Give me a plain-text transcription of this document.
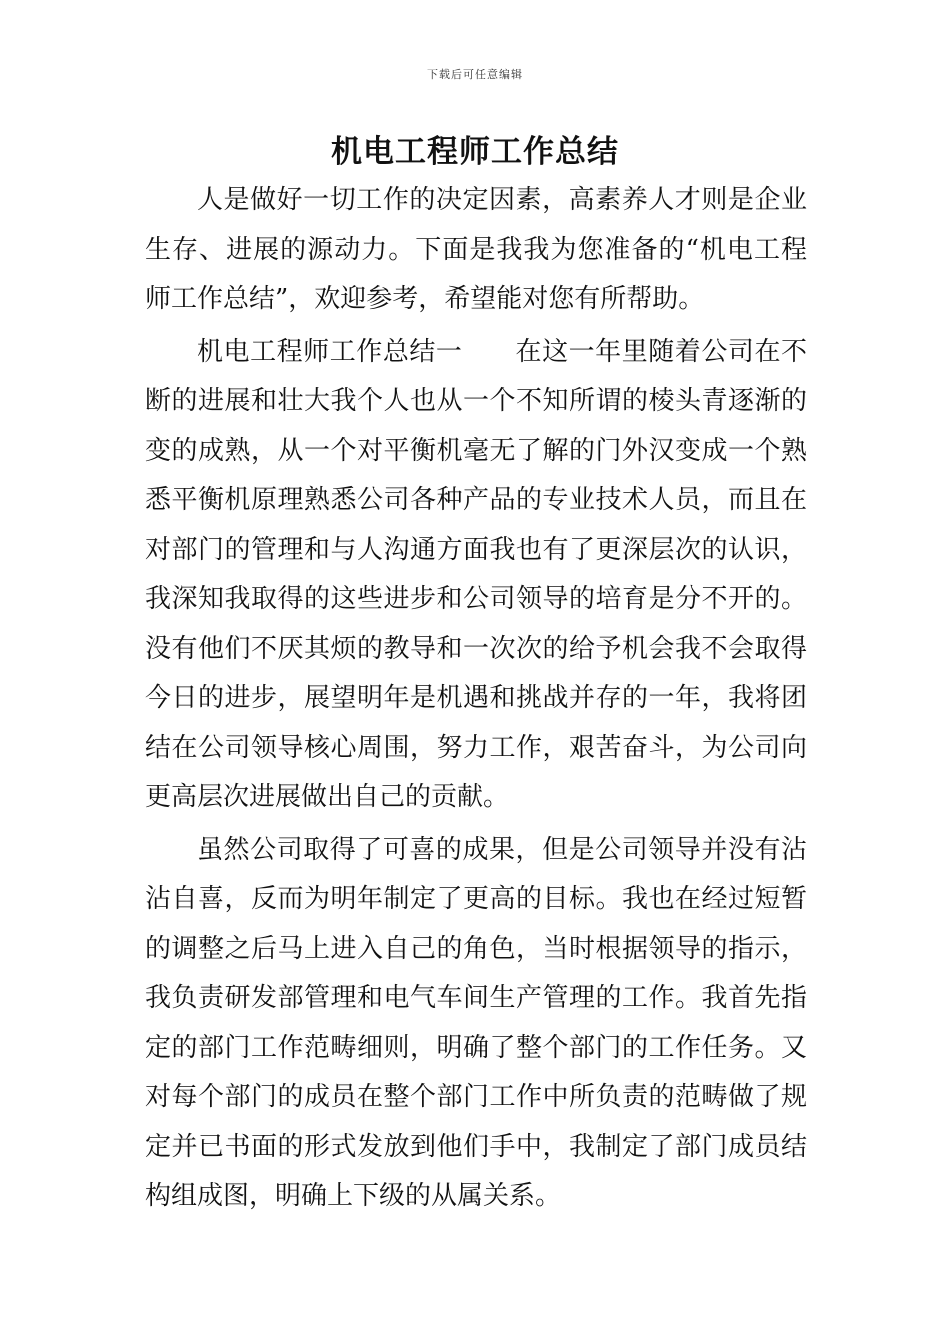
下载后可任意编辑
机电工程师工作总结

人是做好一切工作的决定因素，高素养人才则是企业生存、进展的源动力。下面是我我为您准备的“机电工程师工作总结”，欢迎参考，希望能对您有所帮助。

机电工程师工作总结一　　在这一年里随着公司在不断的进展和壮大我个人也从一个不知所谓的棱头青逐渐的变的成熟，从一个对平衡机毫无了解的门外汉变成一个熟悉平衡机原理熟悉公司各种产品的专业技术人员，而且在对部门的管理和与人沟通方面我也有了更深层次的认识，我深知我取得的这些进步和公司领导的培育是分不开的。没有他们不厌其烦的教导和一次次的给予机会我不会取得今日的进步，展望明年是机遇和挑战并存的一年，我将团结在公司领导核心周围，努力工作，艰苦奋斗，为公司向更高层次进展做出自己的贡献。

虽然公司取得了可喜的成果，但是公司领导并没有沾沾自喜，反而为明年制定了更高的目标。我也在经过短暂的调整之后马上进入自己的角色，当时根据领导的指示，我负责研发部管理和电气车间生产管理的工作。我首先指定的部门工作范畴细则，明确了整个部门的工作任务。又对每个部门的成员在整个部门工作中所负责的范畴做了规定并已书面的形式发放到他们手中，我制定了部门成员结构组成图，明确上下级的从属关系。
